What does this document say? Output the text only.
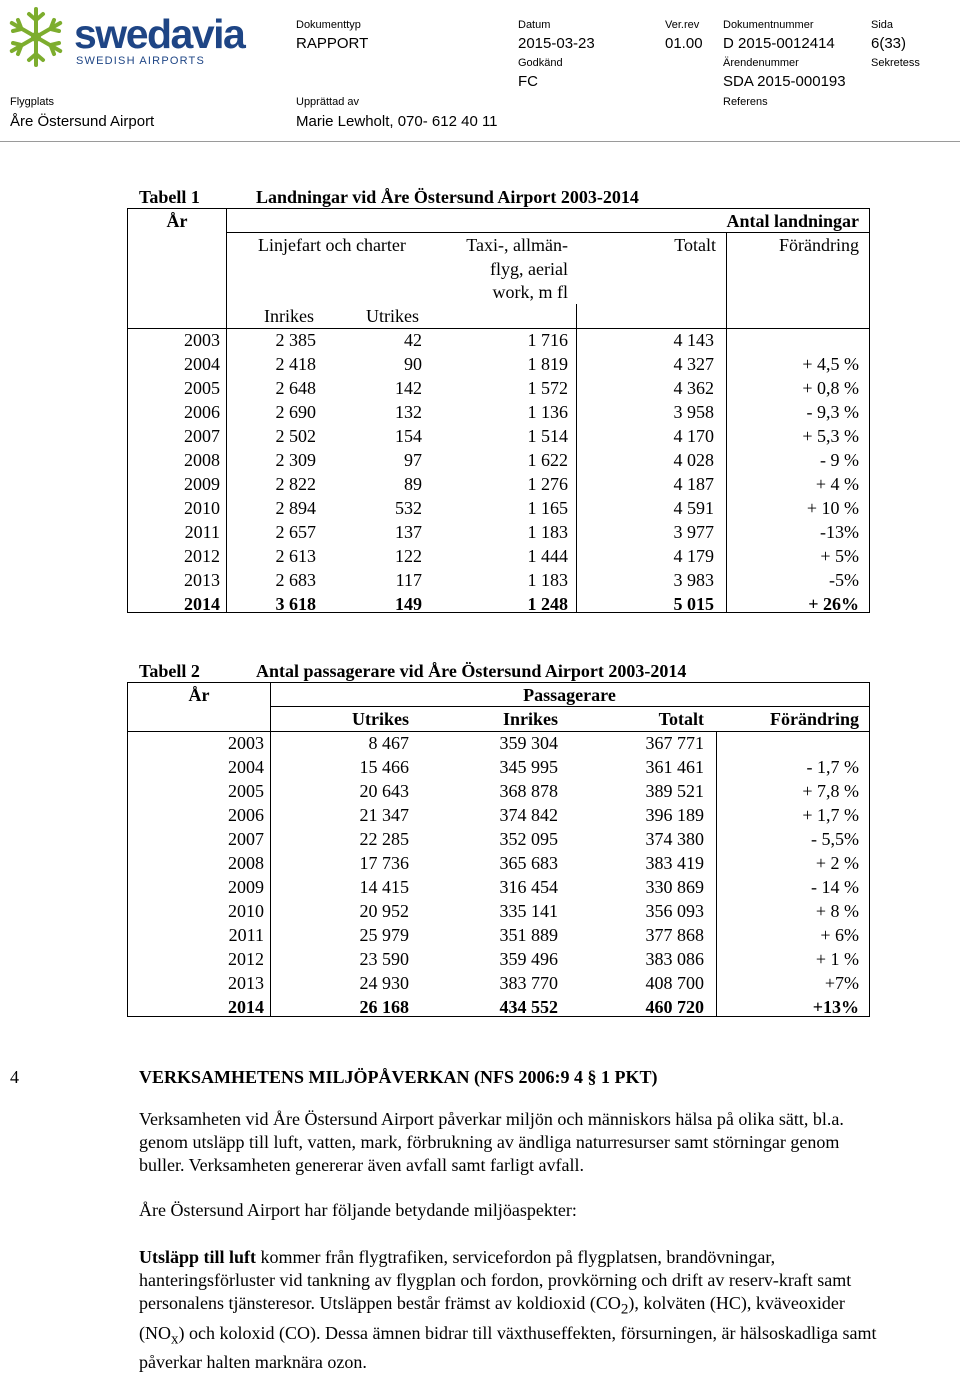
swedavia
SWEDISH AIRPORTS
Dokumenttyp
RAPPORT
Datum
2015-03-23
Ver.rev
01.00
Dokumentnummer
D 2015-0012414
Sida
6(33)
Godkänd
FC
Ärendenummer
SDA 2015-000193
Sekretess
Flygplats
Åre Östersund Airport
Upprättad av
Marie Lewholt, 070- 612 40 11
Referens
Tabell 1	Landningar vid Åre Östersund Airport 2003-2014
År	Antal landningar
Linjefart och charter	Taxi-, allmän-
flyg, aerial
work, m fl
Totalt	Förändring
Inrikes	Utrikes
2003	2 385	42	1 716	4 143
2004	2 418	90	1 819	4 327	+ 4,5 %
2005	2 648	142	1 572	4 362	+ 0,8 %
2006	2 690	132	1 136	3 958	- 9,3 %
2007	2 502	154	1 514	4 170	+ 5,3 %
2008	2 309	97	1 622	4 028	- 9 %
2009	2 822	89	1 276	4 187	+ 4 %
2010	2 894	532	1 165	4 591	+ 10 %
2011	2 657	137	1 183	3 977	-13%
2012	2 613	122	1 444	4 179	+ 5%
2013	2 683	117	1 183	3 983	-5%
2014	3 618	149	1 248	5 015	+ 26%
Tabell 2	Antal passagerare vid Åre Östersund Airport 2003-2014
År	Passagerare
Utrikes	Inrikes	Totalt	Förändring
2003	8 467	359 304	367 771
2004	15 466	345 995	361 461	- 1,7 %
2005	20 643	368 878	389 521	+ 7,8 %
2006	21 347	374 842	396 189	+ 1,7 %
2007	22 285	352 095	374 380	- 5,5%
2008	17 736	365 683	383 419	+ 2 %
2009	14 415	316 454	330 869	- 14 %
2010	20 952	335 141	356 093	+ 8 %
2011	25 979	351 889	377 868	+ 6%
2012	23 590	359 496	383 086	+ 1 %
2013	24 930	383 770	408 700	+7%
2014	26 168	434 552	460 720	+13%
4	VERKSAMHETENS MILJÖPÅVERKAN (NFS 2006:9 4 § 1 PKT)

Verksamheten vid Åre Östersund Airport påverkar miljön och människors hälsa på olika sätt, bl.a. genom utsläpp till luft, vatten, mark, förbrukning av ändliga naturresurser samt störningar genom buller. Verksamheten genererar även avfall samt farligt avfall.

Åre Östersund Airport har följande betydande miljöaspekter:

Utsläpp till luft kommer från flygtrafiken, servicefordon på flygplatsen, brandövningar, hanteringsförluster vid tankning av flygplan och fordon, provkörning och drift av reserv-kraft samt personalens tjänsteresor. Utsläppen består främst av koldioxid $(CO_2)$, kolväten (HC), kväveoxider $(NO_x)$ och koloxid (CO). Dessa ämnen bidrar till växthuseffekten, försurningen, är hälsoskadliga samt påverkar halten marknära ozon.
